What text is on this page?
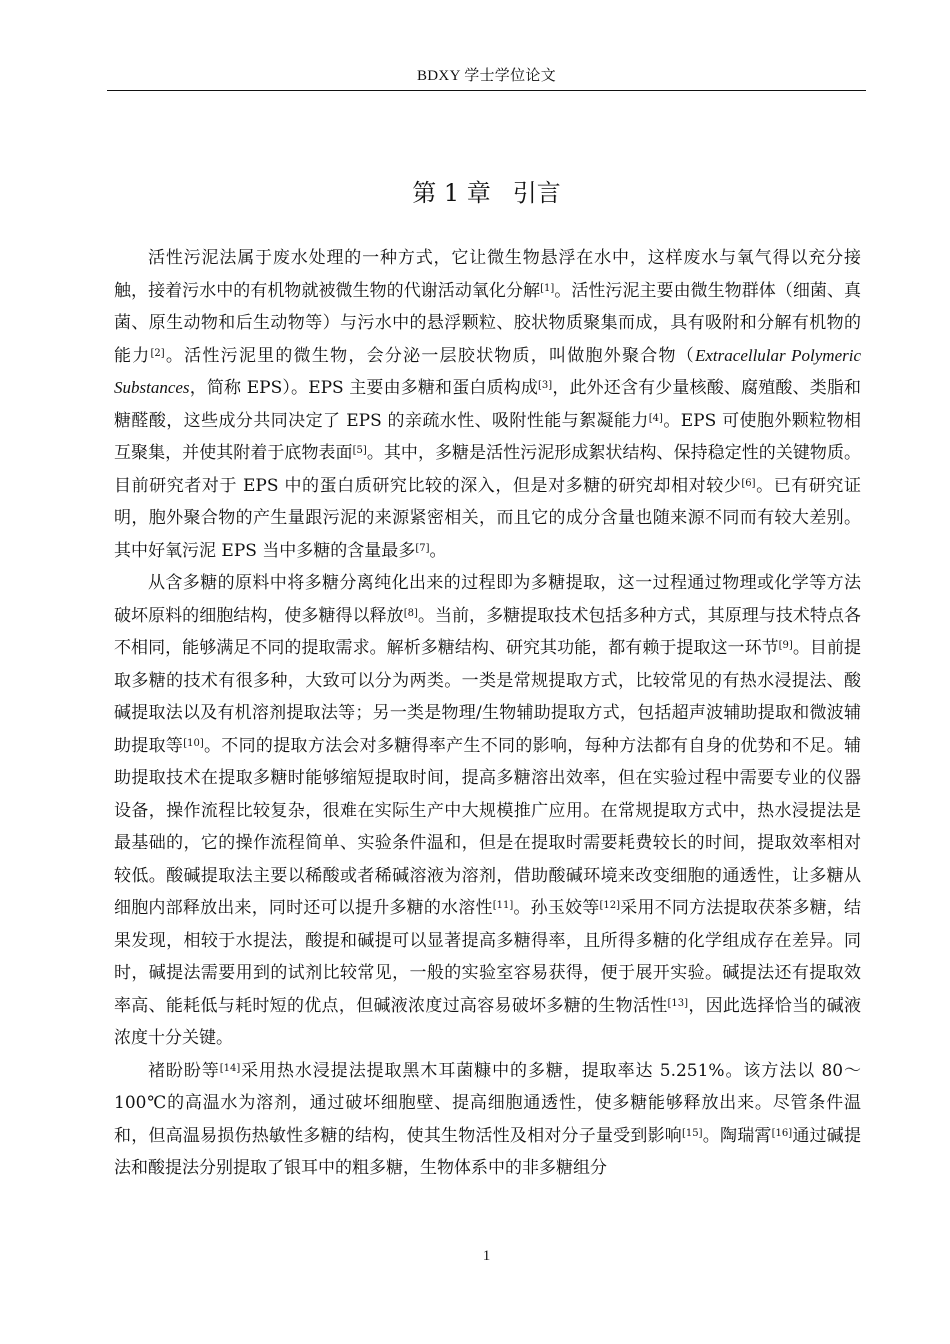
BDXY 学士学位论文
第 1 章 引言

活性污泥法属于废水处理的一种方式，它让微生物悬浮在水中，这样废水与氧气得以充分接触，接着污水中的有机物就被微生物的代谢活动氧化分解[1]。活性污泥主要由微生物群体（细菌、真菌、原生动物和后生动物等）与污水中的悬浮颗粒、胶状物质聚集而成，具有吸附和分解有机物的能力[2]。活性污泥里的微生物，会分泌一层胶状物质，叫做胞外聚合物（Extracellular Polymeric Substances，简称 EPS）。EPS 主要由多糖和蛋白质构成[3]，此外还含有少量核酸、腐殖酸、类脂和糖醛酸，这些成分共同决定了 EPS 的亲疏水性、吸附性能与絮凝能力[4]。EPS 可使胞外颗粒物相互聚集，并使其附着于底物表面[5]。其中，多糖是活性污泥形成絮状结构、保持稳定性的关键物质。目前研究者对于 EPS 中的蛋白质研究比较的深入，但是对多糖的研究却相对较少[6]。已有研究证明，胞外聚合物的产生量跟污泥的来源紧密相关，而且它的成分含量也随来源不同而有较大差别。其中好氧污泥 EPS 当中多糖的含量最多[7]。

从含多糖的原料中将多糖分离纯化出来的过程即为多糖提取，这一过程通过物理或化学等方法破坏原料的细胞结构，使多糖得以释放[8]。当前，多糖提取技术包括多种方式，其原理与技术特点各不相同，能够满足不同的提取需求。解析多糖结构、研究其功能，都有赖于提取这一环节[9]。目前提取多糖的技术有很多种，大致可以分为两类。一类是常规提取方式，比较常见的有热水浸提法、酸碱提取法以及有机溶剂提取法等；另一类是物理/生物辅助提取方式，包括超声波辅助提取和微波辅助提取等[10]。不同的提取方法会对多糖得率产生不同的影响，每种方法都有自身的优势和不足。辅助提取技术在提取多糖时能够缩短提取时间，提高多糖溶出效率，但在实验过程中需要专业的仪器设备，操作流程比较复杂，很难在实际生产中大规模推广应用。在常规提取方式中，热水浸提法是最基础的，它的操作流程简单、实验条件温和，但是在提取时需要耗费较长的时间，提取效率相对较低。酸碱提取法主要以稀酸或者稀碱溶液为溶剂，借助酸碱环境来改变细胞的通透性，让多糖从细胞内部释放出来，同时还可以提升多糖的水溶性[11]。孙玉姣等[12]采用不同方法提取茯茶多糖，结果发现，相较于水提法，酸提和碱提可以显著提高多糖得率，且所得多糖的化学组成存在差异。同时，碱提法需要用到的试剂比较常见，一般的实验室容易获得，便于展开实验。碱提法还有提取效率高、能耗低与耗时短的优点，但碱液浓度过高容易破坏多糖的生物活性[13]，因此选择恰当的碱液浓度十分关键。

褚盼盼等[14]采用热水浸提法提取黑木耳菌糠中的多糖，提取率达 5.251%。该方法以 80～100℃的高温水为溶剂，通过破坏细胞壁、提高细胞通透性，使多糖能够释放出来。尽管条件温和，但高温易损伤热敏性多糖的结构，使其生物活性及相对分子量受到影响[15]。陶瑞霄[16]通过碱提法和酸提法分别提取了银耳中的粗多糖，生物体系中的非多糖组分

1
